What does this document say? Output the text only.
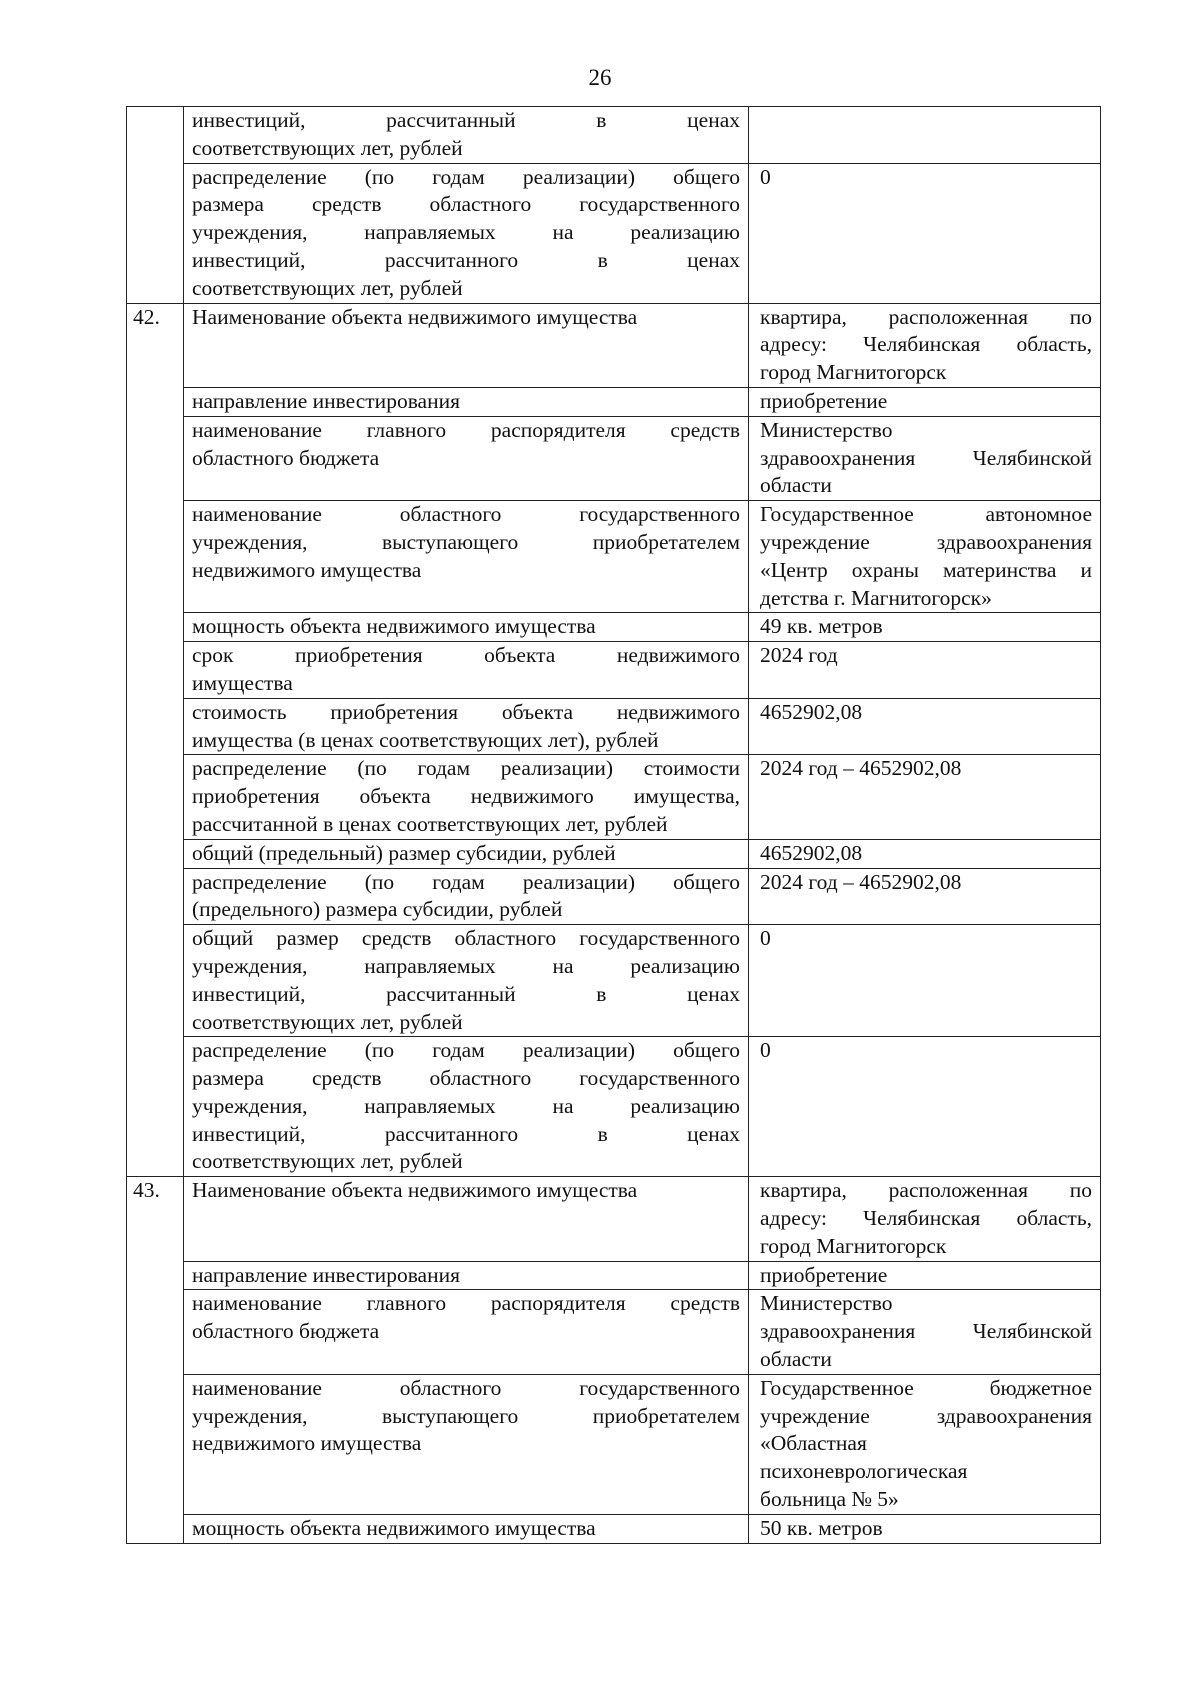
26

	инвестиций, рассчитанный в ценах
соответствующих лет, рублей	

	распределение (по годам реализации) общего
размера средств областного государственного
учреждения, направляемых на реализацию
инвестиций, рассчитанного в ценах
соответствующих лет, рублей	0

42.	Наименование объекта недвижимого имущества	квартира, расположенная по
адресу: Челябинская область,
город Магнитогорск

	направление инвестирования	приобретение

	наименование главного распорядителя средств
областного бюджета	Министерство
здравоохранения Челябинской
области

	наименование областного государственного
учреждения, выступающего приобретателем
недвижимого имущества	Государственное автономное
учреждение здравоохранения
«Центр охраны материнства и
детства г. Магнитогорск»

	мощность объекта недвижимого имущества	49 кв. метров

	срок приобретения объекта недвижимого
имущества	2024 год

	стоимость приобретения объекта недвижимого
имущества (в ценах соответствующих лет), рублей	4652902,08

	распределение (по годам реализации) стоимости
приобретения объекта недвижимого имущества,
рассчитанной в ценах соответствующих лет, рублей	2024 год – 4652902,08

	общий (предельный) размер субсидии, рублей	4652902,08

	распределение (по годам реализации) общего
(предельного) размера субсидии, рублей	2024 год – 4652902,08

	общий размер средств областного государственного
учреждения, направляемых на реализацию
инвестиций, рассчитанный в ценах
соответствующих лет, рублей	0

	распределение (по годам реализации) общего
размера средств областного государственного
учреждения, направляемых на реализацию
инвестиций, рассчитанного в ценах
соответствующих лет, рублей	0

43.	Наименование объекта недвижимого имущества	квартира, расположенная по
адресу: Челябинская область,
город Магнитогорск

	направление инвестирования	приобретение

	наименование главного распорядителя средств
областного бюджета	Министерство
здравоохранения Челябинской
области

	наименование областного государственного
учреждения, выступающего приобретателем
недвижимого имущества	Государственное бюджетное
учреждение здравоохранения
«Областная
психоневрологическая
больница № 5»

	мощность объекта недвижимого имущества	50 кв. метров
